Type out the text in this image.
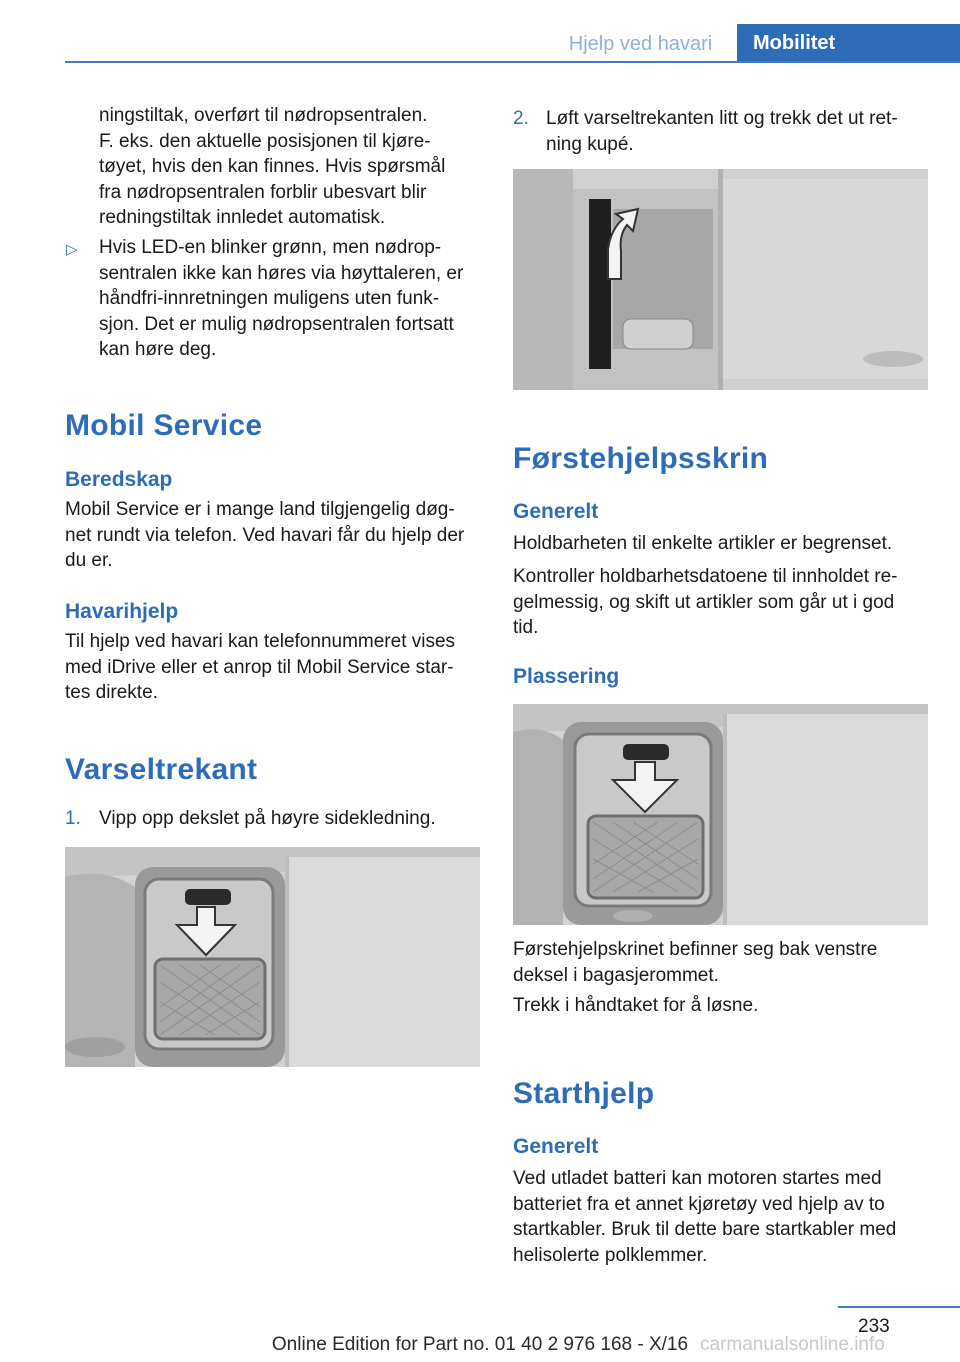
Hjelp ved havari	Mobilitet

ningstiltak, overført til nødropsentralen.

F. eks. den aktuelle posisjonen til kjøre-

tøyet, hvis den kan finnes. Hvis spørsmål

fra nødropsentralen forblir ubesvart blir

redningstiltak innledet automatisk.

▷ Hvis LED-en blinker grønn, men nødrop-

sentralen ikke kan høres via høyttaleren, er

håndfri-innretningen muligens uten funk-

sjon. Det er mulig nødropsentralen fortsatt

kan høre deg.

Mobil Service
Beredskap

Mobil Service er i mange land tilgjengelig døg-

net rundt via telefon. Ved havari får du hjelp der

du er.

Havarihjelp

Til hjelp ved havari kan telefonnummeret vises

med iDrive eller et anrop til Mobil Service star-

tes direkte.

Varseltrekant
1. Vipp opp dekslet på høyre sidekledning.
2. Løft varseltrekanten litt og trekk det ut ret-

ning kupé.

Førstehjelpsskrin
Generelt
Holdbarheten til enkelte artikler er begrenset.

Kontroller holdbarhetsdatoene til innholdet re-

gelmessig, og skift ut artikler som går ut i god

tid.

Plassering

Førstehjelpskrinet befinner seg bak venstre

deksel i bagasjerommet.

Trekk i håndtaket for å løsne.
Starthjelp
Generelt

Ved utladet batteri kan motoren startes med

batteriet fra et annet kjøretøy ved hjelp av to

startkabler. Bruk til dette bare startkabler med

helisolerte polklemmer.

233
carmanualsonline.info
Online Edition for Part no. 01 40 2 976 168 - X/16
